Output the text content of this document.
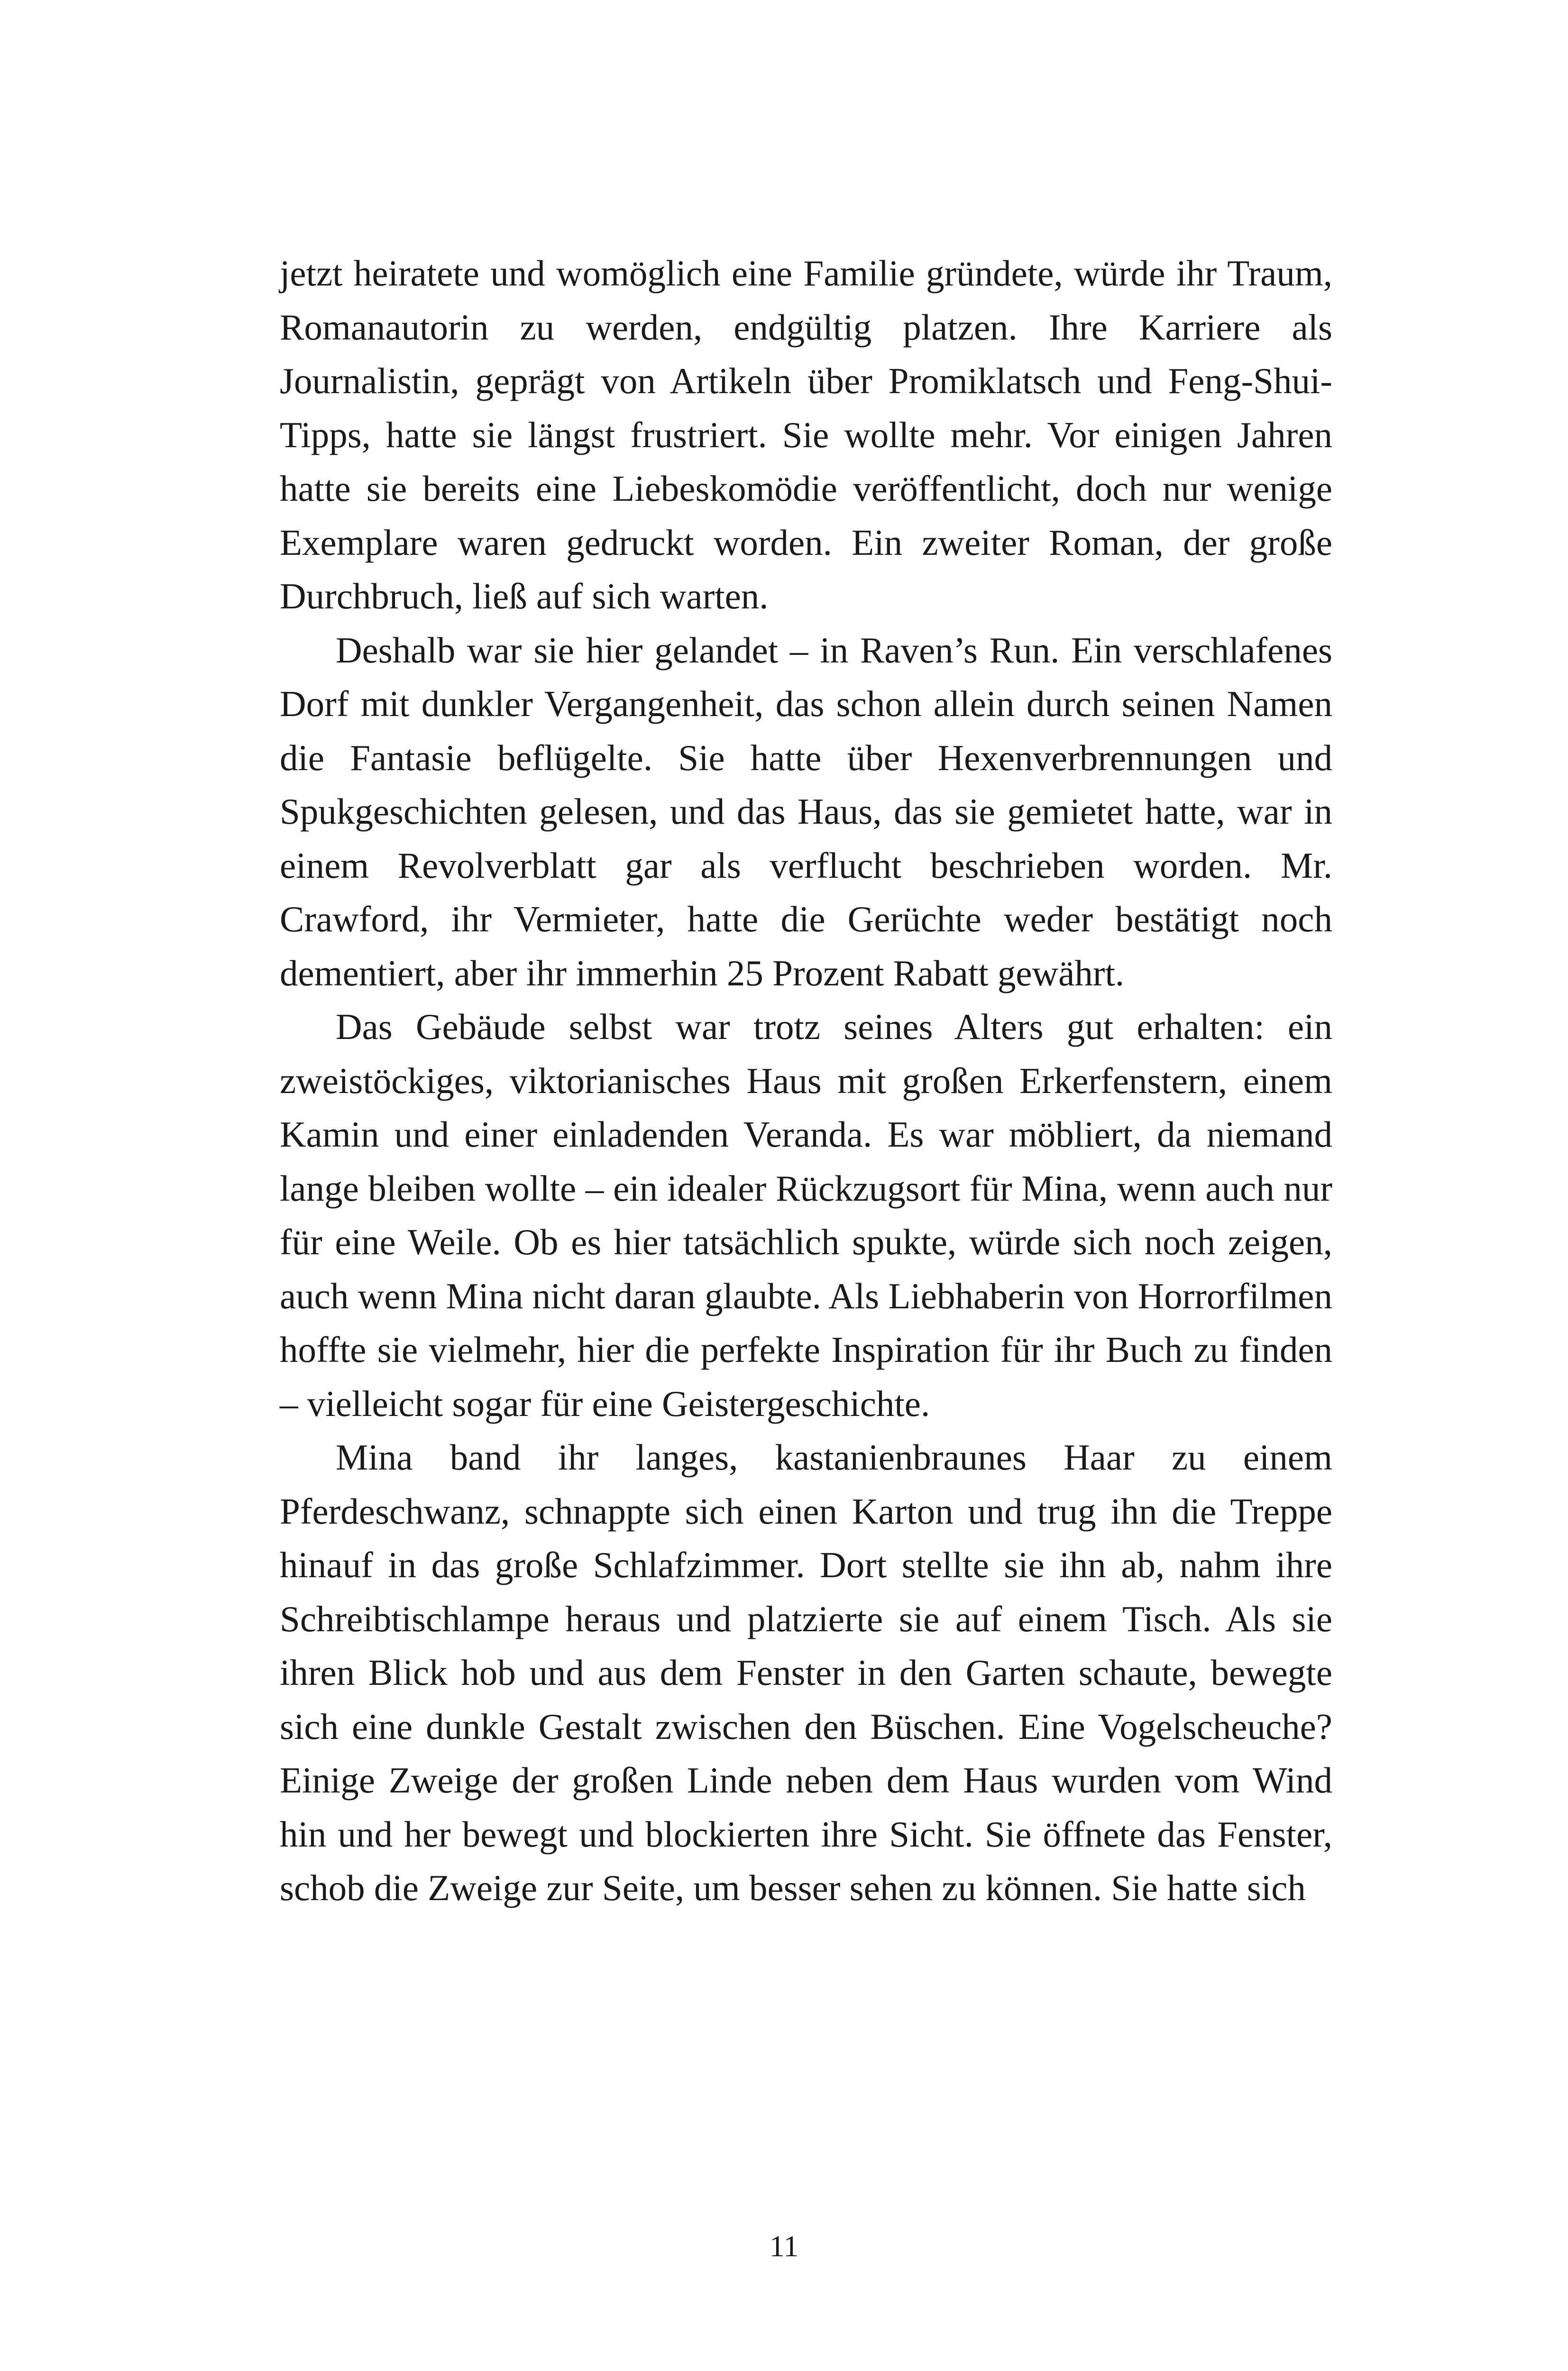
jetzt heiratete und womöglich eine Familie gründete, würde ihr Traum, Romanautorin zu werden, endgültig platzen. Ihre Karriere als Journalistin, geprägt von Artikeln über Promiklatsch und Feng-Shui-Tipps, hatte sie längst frustriert. Sie wollte mehr. Vor einigen Jahren hatte sie bereits eine Liebeskomödie veröffentlicht, doch nur wenige Exemplare waren gedruckt worden. Ein zweiter Roman, der große Durchbruch, ließ auf sich warten.

Deshalb war sie hier gelandet – in Raven’s Run. Ein verschlafenes Dorf mit dunkler Vergangenheit, das schon allein durch seinen Namen die Fantasie beflügelte. Sie hatte über Hexenverbrennungen und Spukgeschichten gelesen, und das Haus, das sie gemietet hatte, war in einem Revolverblatt gar als verflucht beschrieben worden. Mr. Crawford, ihr Vermieter, hatte die Gerüchte weder bestätigt noch dementiert, aber ihr immerhin 25 Prozent Rabatt gewährt.

Das Gebäude selbst war trotz seines Alters gut erhalten: ein zweistöckiges, viktorianisches Haus mit großen Erkerfenstern, einem Kamin und einer einladenden Veranda. Es war möbliert, da niemand lange bleiben wollte – ein idealer Rückzugsort für Mina, wenn auch nur für eine Weile. Ob es hier tatsächlich spukte, würde sich noch zeigen, auch wenn Mina nicht daran glaubte. Als Liebhaberin von Horrorfilmen hoffte sie vielmehr, hier die perfekte Inspiration für ihr Buch zu finden – vielleicht sogar für eine Geistergeschichte.

Mina band ihr langes, kastanienbraunes Haar zu einem Pferdeschwanz, schnappte sich einen Karton und trug ihn die Treppe hinauf in das große Schlafzimmer. Dort stellte sie ihn ab, nahm ihre Schreibtischlampe heraus und platzierte sie auf einem Tisch. Als sie ihren Blick hob und aus dem Fenster in den Garten schaute, bewegte sich eine dunkle Gestalt zwischen den Büschen. Eine Vogelscheuche? Einige Zweige der großen Linde neben dem Haus wurden vom Wind hin und her bewegt und blockierten ihre Sicht. Sie öffnete das Fenster, schob die Zweige zur Seite, um besser sehen zu können. Sie hatte sich

11
